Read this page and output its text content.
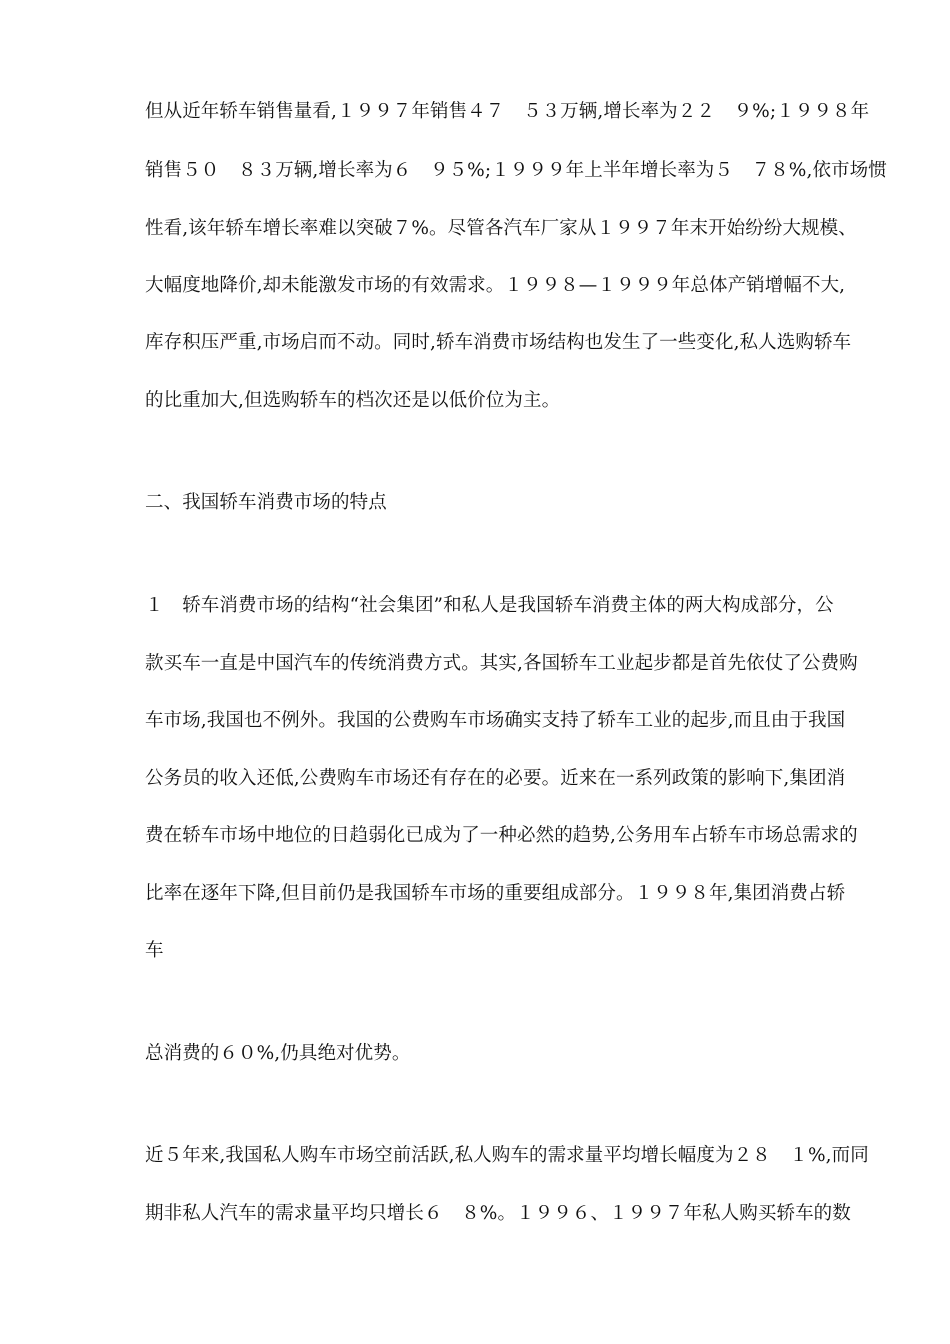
但从近年轿车销售量看,１９９７年销售４７　５３万辆,增长率为２２　９%;１９９８年
销售５０　８３万辆,增长率为６　９５%;１９９９年上半年增长率为５　７８%,依市场惯
性看,该年轿车增长率难以突破７%。尽管各汽车厂家从１９９７年末开始纷纷大规模、
大幅度地降价,却未能激发市场的有效需求。１９９８—１９９９年总体产销增幅不大,
库存积压严重,市场启而不动。同时,轿车消费市场结构也发生了一些变化,私人选购轿车
的比重加大,但选购轿车的档次还是以低价位为主。
二、我国轿车消费市场的特点
１　轿车消费市场的结构“社会集团”和私人是我国轿车消费主体的两大构成部分，公
款买车一直是中国汽车的传统消费方式。其实,各国轿车工业起步都是首先依仗了公费购
车市场,我国也不例外。我国的公费购车市场确实支持了轿车工业的起步,而且由于我国
公务员的收入还低,公费购车市场还有存在的必要。近来在一系列政策的影响下,集团消
费在轿车市场中地位的日趋弱化已成为了一种必然的趋势,公务用车占轿车市场总需求的
比率在逐年下降,但目前仍是我国轿车市场的重要组成部分。１９９８年,集团消费占轿
车
总消费的６０%,仍具绝对优势。
近５年来,我国私人购车市场空前活跃,私人购车的需求量平均增长幅度为２８　１%,而同
期非私人汽车的需求量平均只增长６　８%。１９９６、１９９７年私人购买轿车的数
